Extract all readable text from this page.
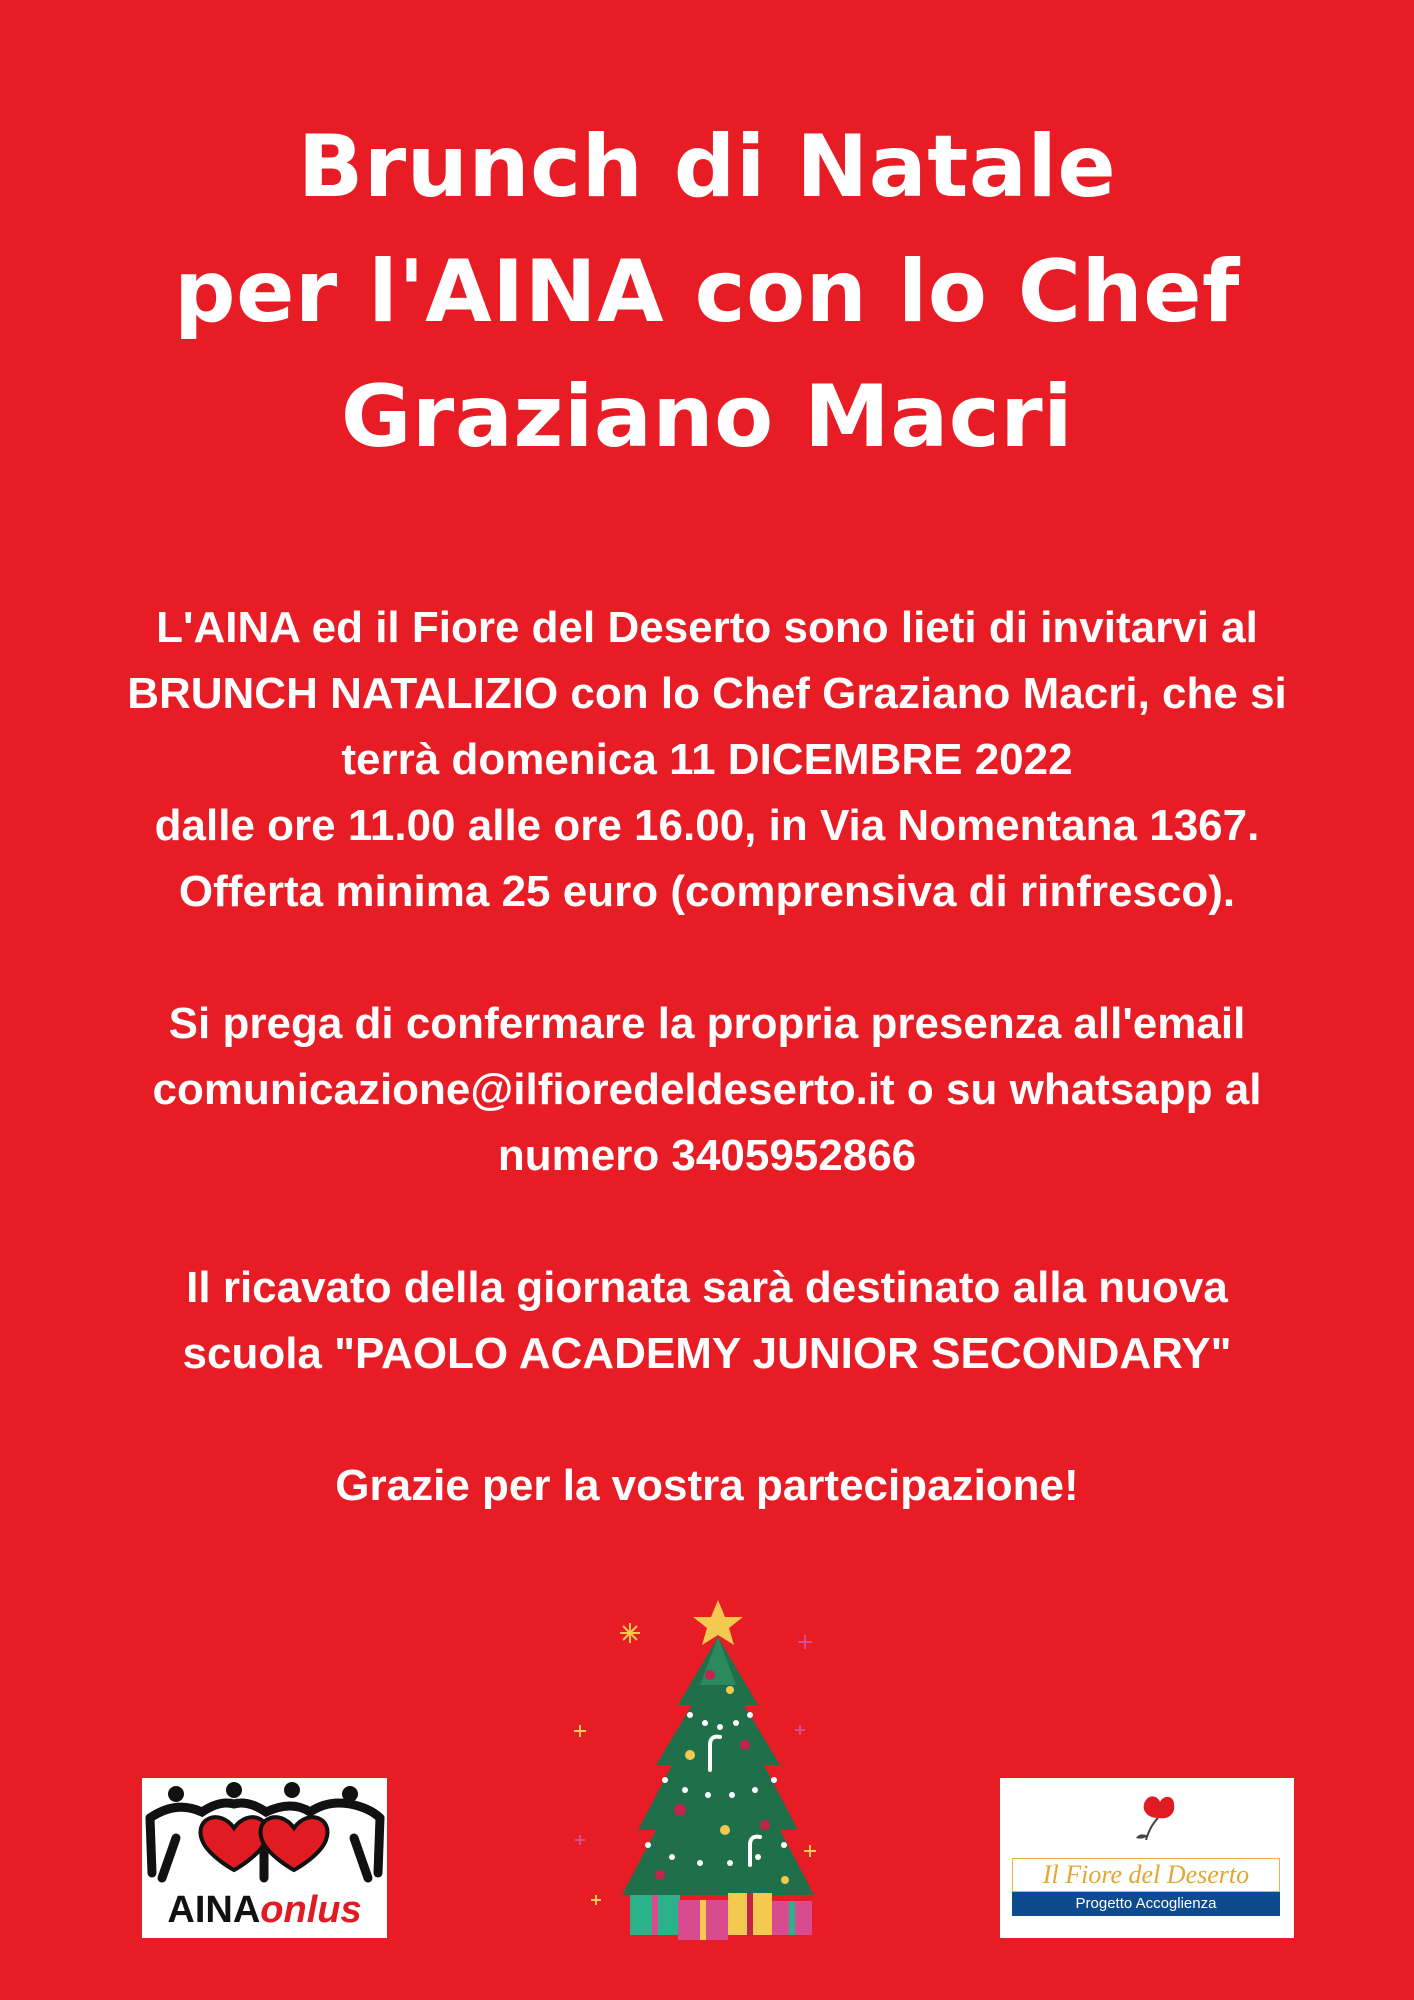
Brunch di Natale
per l'AINA con lo Chef
Graziano Macri
L'AINA ed il Fiore del Deserto sono lieti di invitarvi al
BRUNCH NATALIZIO con lo Chef Graziano Macri, che si
terrà domenica 11 DICEMBRE 2022
dalle ore 11.00 alle ore 16.00, in Via Nomentana 1367.
Offerta minima 25 euro (comprensiva di rinfresco).
Si prega di confermare la propria presenza all'email
comunicazione@ilfioredeldeserto.it o su whatsapp al
numero 3405952866
Il ricavato della giornata sarà destinato alla nuova
scuola "PAOLO ACADEMY JUNIOR SECONDARY"
Grazie per la vostra partecipazione!
AINAonlus
Il Fiore del Deserto
Progetto Accoglienza
